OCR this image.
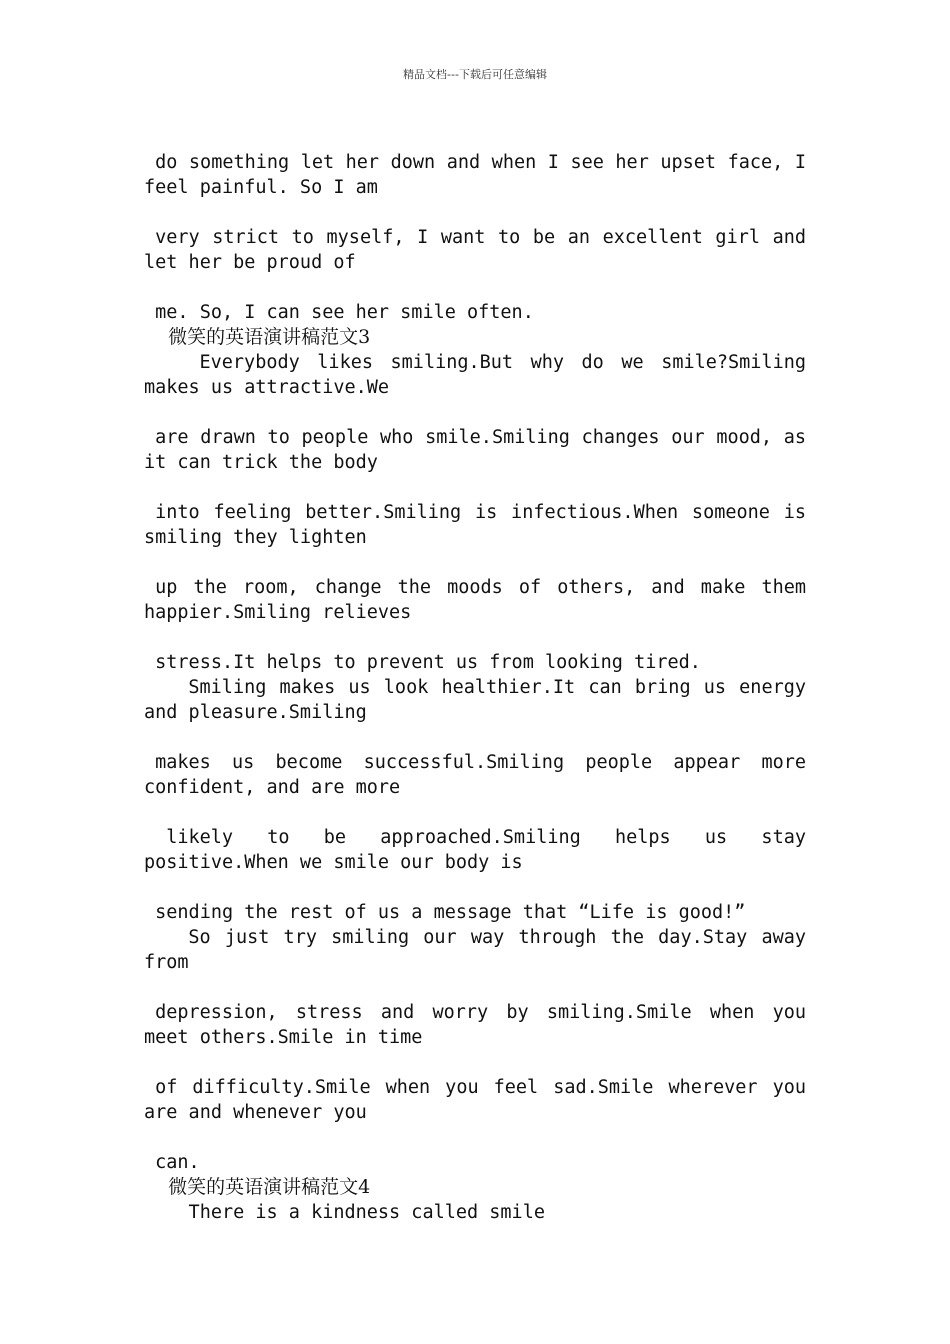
精品文档---下载后可任意编辑
do something let her down and when I see her upset face, I
feel painful. So I am
very strict to myself, I want to be an excellent girl and
let her be proud of
me. So, I can see her smile often.
微笑的英语演讲稿范文3
Everybody likes smiling.But why do we smile?Smiling
makes us attractive.We
are drawn to people who smile.Smiling changes our mood, as
it can trick the body
into feeling better.Smiling is infectious.When someone is
smiling they lighten
up the room, change the moods of others, and make them
happier.Smiling relieves
stress.It helps to prevent us from looking tired.
Smiling makes us look healthier.It can bring us energy
and pleasure.Smiling
makes us become successful.Smiling people appear more
confident, and are more
likely to be approached.Smiling helps us stay
positive.When we smile our body is
sending the rest of us a message that “Life is good!”
So just try smiling our way through the day.Stay away
from
depression, stress and worry by smiling.Smile when you
meet others.Smile in time
of difficulty.Smile when you feel sad.Smile wherever you
are and whenever you
can.
微笑的英语演讲稿范文4
There is a kindness called smile
